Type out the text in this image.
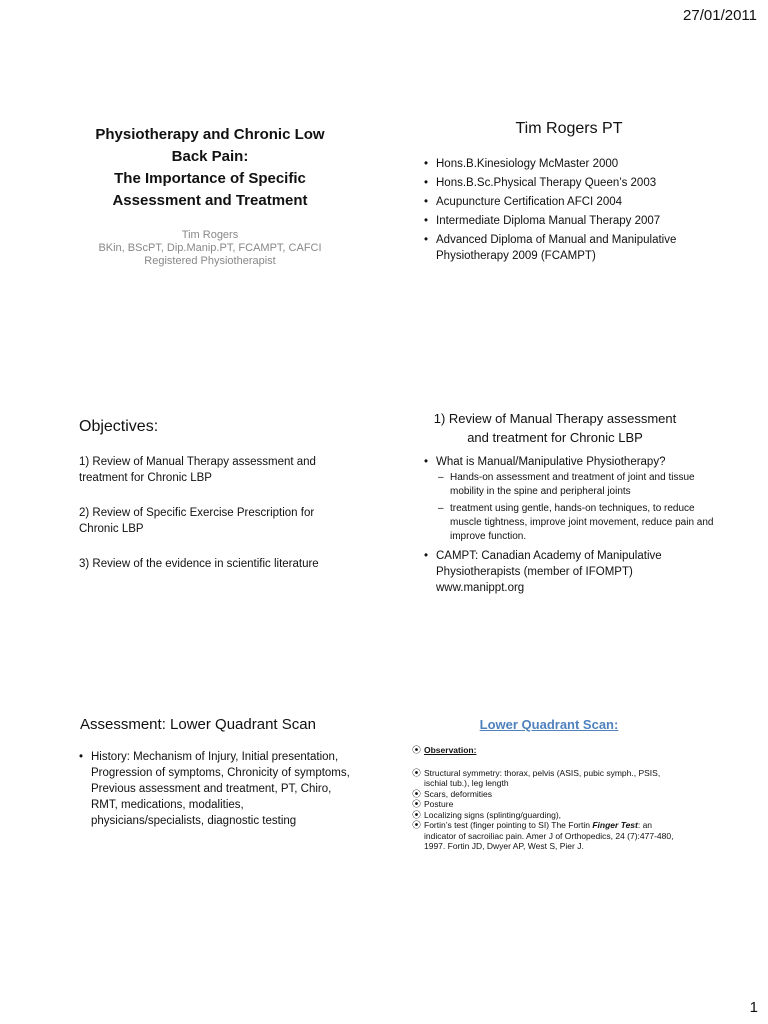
27/01/2011
Physiotherapy and Chronic Low
Back Pain:
The Importance of Specific
Assessment and Treatment
Tim Rogers
BKin, BScPT, Dip.Manip.PT, FCAMPT, CAFCI
Registered Physiotherapist
Tim Rogers PT
• Hons.B.Kinesiology McMaster 2000
• Hons.B.Sc.Physical Therapy Queen’s 2003
• Acupuncture Certification AFCI 2004
• Intermediate Diploma Manual Therapy 2007
• Advanced Diploma of Manual and Manipulative Physiotherapy 2009 (FCAMPT)
Objectives:
1) Review of Manual Therapy assessment and treatment for Chronic LBP
2) Review of Specific Exercise Prescription for Chronic LBP
3) Review of the evidence in scientific literature
1) Review of Manual Therapy assessment
and treatment for Chronic LBP
• What is Manual/Manipulative Physiotherapy?
– Hands-on assessment and treatment of joint and tissue mobility in the spine and peripheral joints
– treatment using gentle, hands-on techniques, to reduce muscle tightness, improve joint movement, reduce pain and improve function.
• CAMPT: Canadian Academy of Manipulative
Physiotherapists (member of IFOMPT)
www.manippt.org
Assessment: Lower Quadrant Scan
• History: Mechanism of Injury, Initial presentation, Progression of symptoms, Chronicity of symptoms, Previous assessment and treatment, PT, Chiro, RMT, medications, modalities, physicians/specialists, diagnostic testing
Lower Quadrant Scan:
⦿ Observation:
⦿ Structural symmetry: thorax, pelvis (ASIS, pubic symph., PSIS, ischial tub.), leg length
⦿ Scars, deformities
⦿ Posture
⦿ Localizing signs (splinting/guarding),
⦿ Fortin’s test (finger pointing to SI) The Fortin Finger Test: an indicator of sacroiliac pain. Amer J of Orthopedics, 24 (7):477-480, 1997. Fortin JD, Dwyer AP, West S, Pier J.
1
